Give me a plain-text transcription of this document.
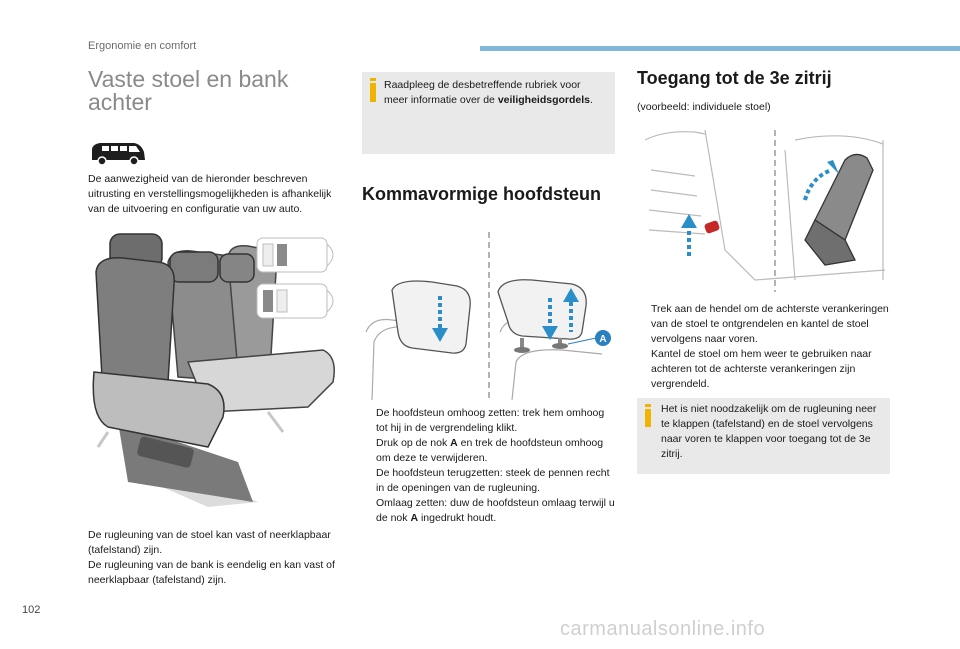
Ergonomie en comfort
Vaste stoel en bank achter
De aanwezigheid van de hieronder beschreven uitrusting en verstellingsmogelijkheden is afhankelijk van de uitvoering en configuratie van uw auto.
De rugleuning van de stoel kan vast of neerklapbaar (tafelstand) zijn.
De rugleuning van de bank is eendelig en kan vast of neerklapbaar (tafelstand) zijn.
Raadpleeg de desbetreffende rubriek voor meer informatie over de veiligheidsgordels.
Kommavormige hoofdsteun
A
De hoofdsteun omhoog zetten: trek hem omhoog tot hij in de vergrendeling klikt.
Druk op de nok A en trek de hoofdsteun omhoog om deze te verwijderen.
De hoofdsteun terugzetten: steek de pennen recht in de openingen van de rugleuning.
Omlaag zetten: duw de hoofdsteun omlaag terwijl u de nok A ingedrukt houdt.
Toegang tot de 3e zitrij
(voorbeeld: individuele stoel)
Trek aan de hendel om de achterste verankeringen van de stoel te ontgrendelen en kantel de stoel vervolgens naar voren.
Kantel de stoel om hem weer te gebruiken naar achteren tot de achterste verankeringen zijn vergrendeld.
Het is niet noodzakelijk om de rugleuning neer te klappen (tafelstand) en de stoel vervolgens naar voren te klappen voor toegang tot de 3e zitrij.
102
carmanualsonline.info
